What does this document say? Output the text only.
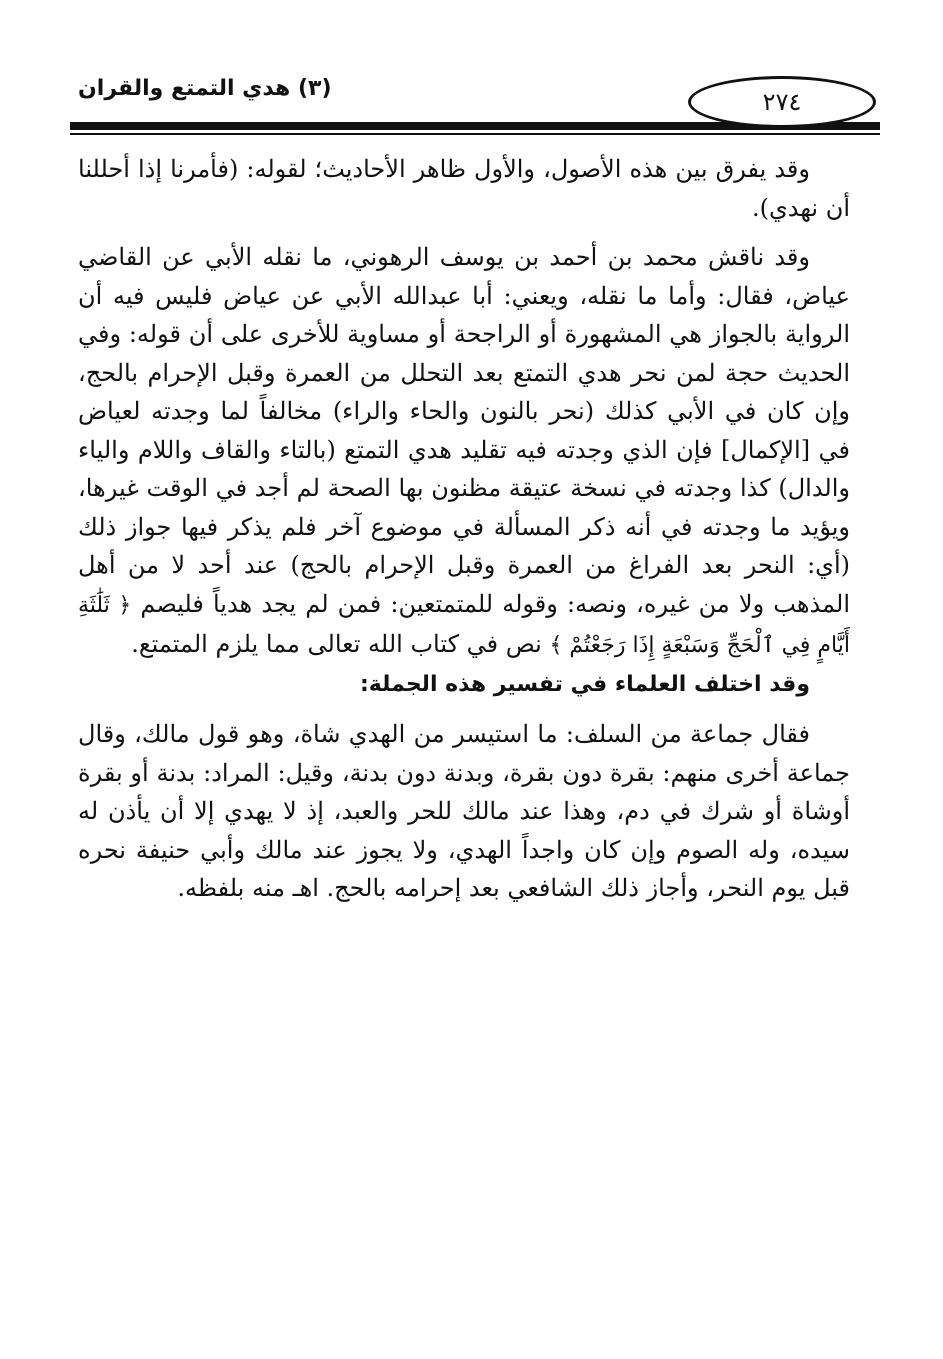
(٣) هدي التمتع والقران	٢٧٤

وقد يفرق بين هذه الأصول، والأول ظاهر الأحاديث؛ لقوله: (فأمرنا إذا أحللنا أن نهدي).

وقد ناقش محمد بن أحمد بن يوسف الرهوني، ما نقله الأبي عن القاضي عياض، فقال: وأما ما نقله، ويعني: أبا عبدالله الأبي عن عياض فليس فيه أن الرواية بالجواز هي المشهورة أو الراجحة أو مساوية للأخرى على أن قوله: وفي الحديث حجة لمن نحر هدي التمتع بعد التحلل من العمرة وقبل الإحرام بالحج، وإن كان في الأبي كذلك (نحر بالنون والحاء والراء) مخالفاً لما وجدته لعياض في [الإكمال] فإن الذي وجدته فيه تقليد هدي التمتع (بالتاء والقاف واللام والياء والدال) كذا وجدته في نسخة عتيقة مظنون بها الصحة لم أجد في الوقت غيرها، ويؤيد ما وجدته في أنه ذكر المسألة في موضوع آخر فلم يذكر فيها جواز ذلك (أي: النحر بعد الفراغ من العمرة وقبل الإحرام بالحج) عند أحد لا من أهل المذهب ولا من غيره، ونصه: وقوله للمتمتعين: فمن لم يجد هدياً فليصم ﴿ ثَلَٰثَةِ أَيَّامٍ فِي ٱلْحَجِّ وَسَبْعَةٍ إِذَا رَجَعْتُمْ ﴾ نص في كتاب الله تعالى مما يلزم المتمتع.

وقد اختلف العلماء في تفسير هذه الجملة:

فقال جماعة من السلف: ما استيسر من الهدي شاة، وهو قول مالك، وقال جماعة أخرى منهم: بقرة دون بقرة، وبدنة دون بدنة، وقيل: المراد: بدنة أو بقرة أوشاة أو شرك في دم، وهذا عند مالك للحر والعبد، إذ لا يهدي إلا أن يأذن له سيده، وله الصوم وإن كان واجداً الهدي، ولا يجوز عند مالك وأبي حنيفة نحره قبل يوم النحر، وأجاز ذلك الشافعي بعد إحرامه بالحج. اهـ منه بلفظه.
